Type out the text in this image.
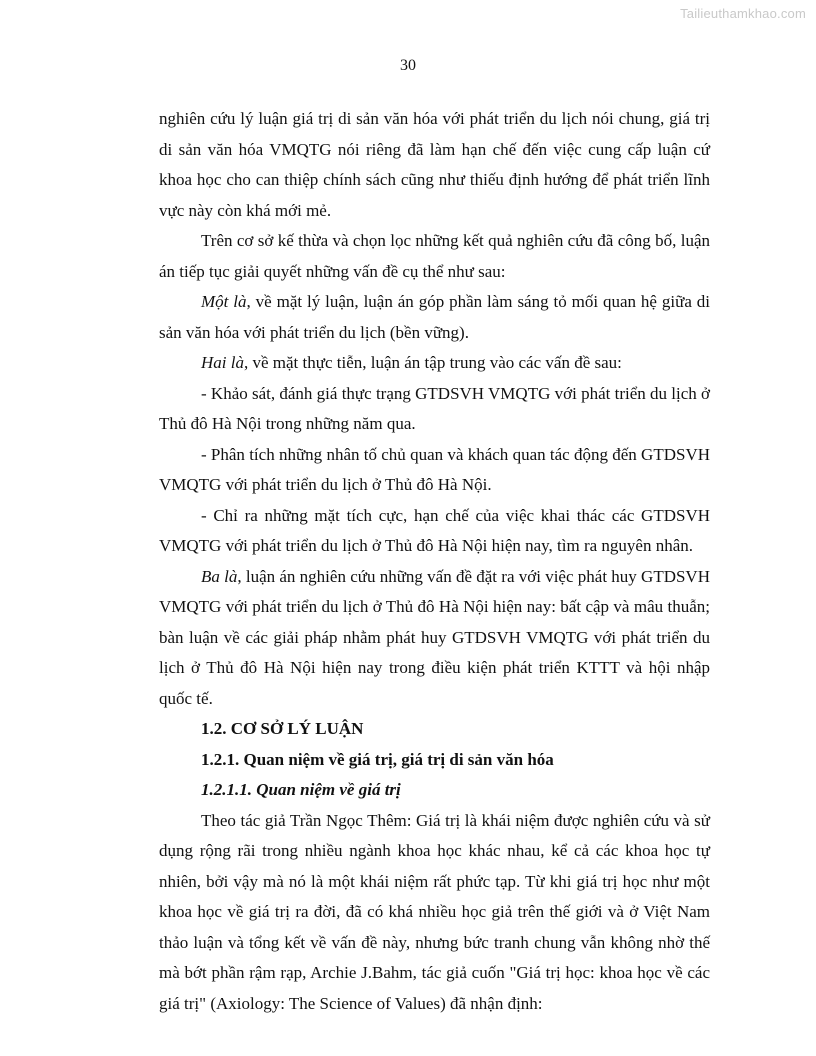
Tailieuthamkhao.com
30

nghiên cứu lý luận giá trị di sản văn hóa với phát triển du lịch nói chung, giá trị di sản văn hóa VMQTG nói riêng đã làm hạn chế đến việc cung cấp luận cứ khoa học cho can thiệp chính sách cũng như thiếu định hướng để phát triển lĩnh vực này còn khá mới mẻ.

Trên cơ sở kế thừa và chọn lọc những kết quả nghiên cứu đã công bố, luận án tiếp tục giải quyết những vấn đề cụ thể như sau:

Một là, về mặt lý luận, luận án góp phần làm sáng tỏ mối quan hệ giữa di sản văn hóa với phát triển du lịch (bền vững).

Hai là, về mặt thực tiễn, luận án tập trung vào các vấn đề sau:

- Khảo sát, đánh giá thực trạng GTDSVH VMQTG với phát triển du lịch ở Thủ đô Hà Nội trong những năm qua.

- Phân tích những nhân tố chủ quan và khách quan tác động đến GTDSVH VMQTG với phát triển du lịch ở Thủ đô Hà Nội.

- Chỉ ra những mặt tích cực, hạn chế của việc khai thác các GTDSVH VMQTG với phát triển du lịch ở Thủ đô Hà Nội hiện nay, tìm ra nguyên nhân.

Ba là, luận án nghiên cứu những vấn đề đặt ra với việc phát huy GTDSVH VMQTG với phát triển du lịch ở Thủ đô Hà Nội hiện nay: bất cập và mâu thuẫn; bàn luận về các giải pháp nhằm phát huy GTDSVH VMQTG với phát triển du lịch ở Thủ đô Hà Nội hiện nay trong điều kiện phát triển KTTT và hội nhập quốc tế.

1.2. CƠ SỞ LÝ LUẬN

1.2.1. Quan niệm về giá trị, giá trị di sản văn hóa

1.2.1.1. Quan niệm về giá trị

Theo tác giả Trần Ngọc Thêm: Giá trị là khái niệm được nghiên cứu và sử dụng rộng rãi trong nhiều ngành khoa học khác nhau, kể cả các khoa học tự nhiên, bởi vậy mà nó là một khái niệm rất phức tạp. Từ khi giá trị học như một khoa học về giá trị ra đời, đã có khá nhiều học giả trên thế giới và ở Việt Nam thảo luận và tổng kết về vấn đề này, nhưng bức tranh chung vẫn không nhờ thế mà bớt phần rậm rạp, Archie J.Bahm, tác giả cuốn "Giá trị học: khoa học về các giá trị" (Axiology: The Science of Values) đã nhận định:
